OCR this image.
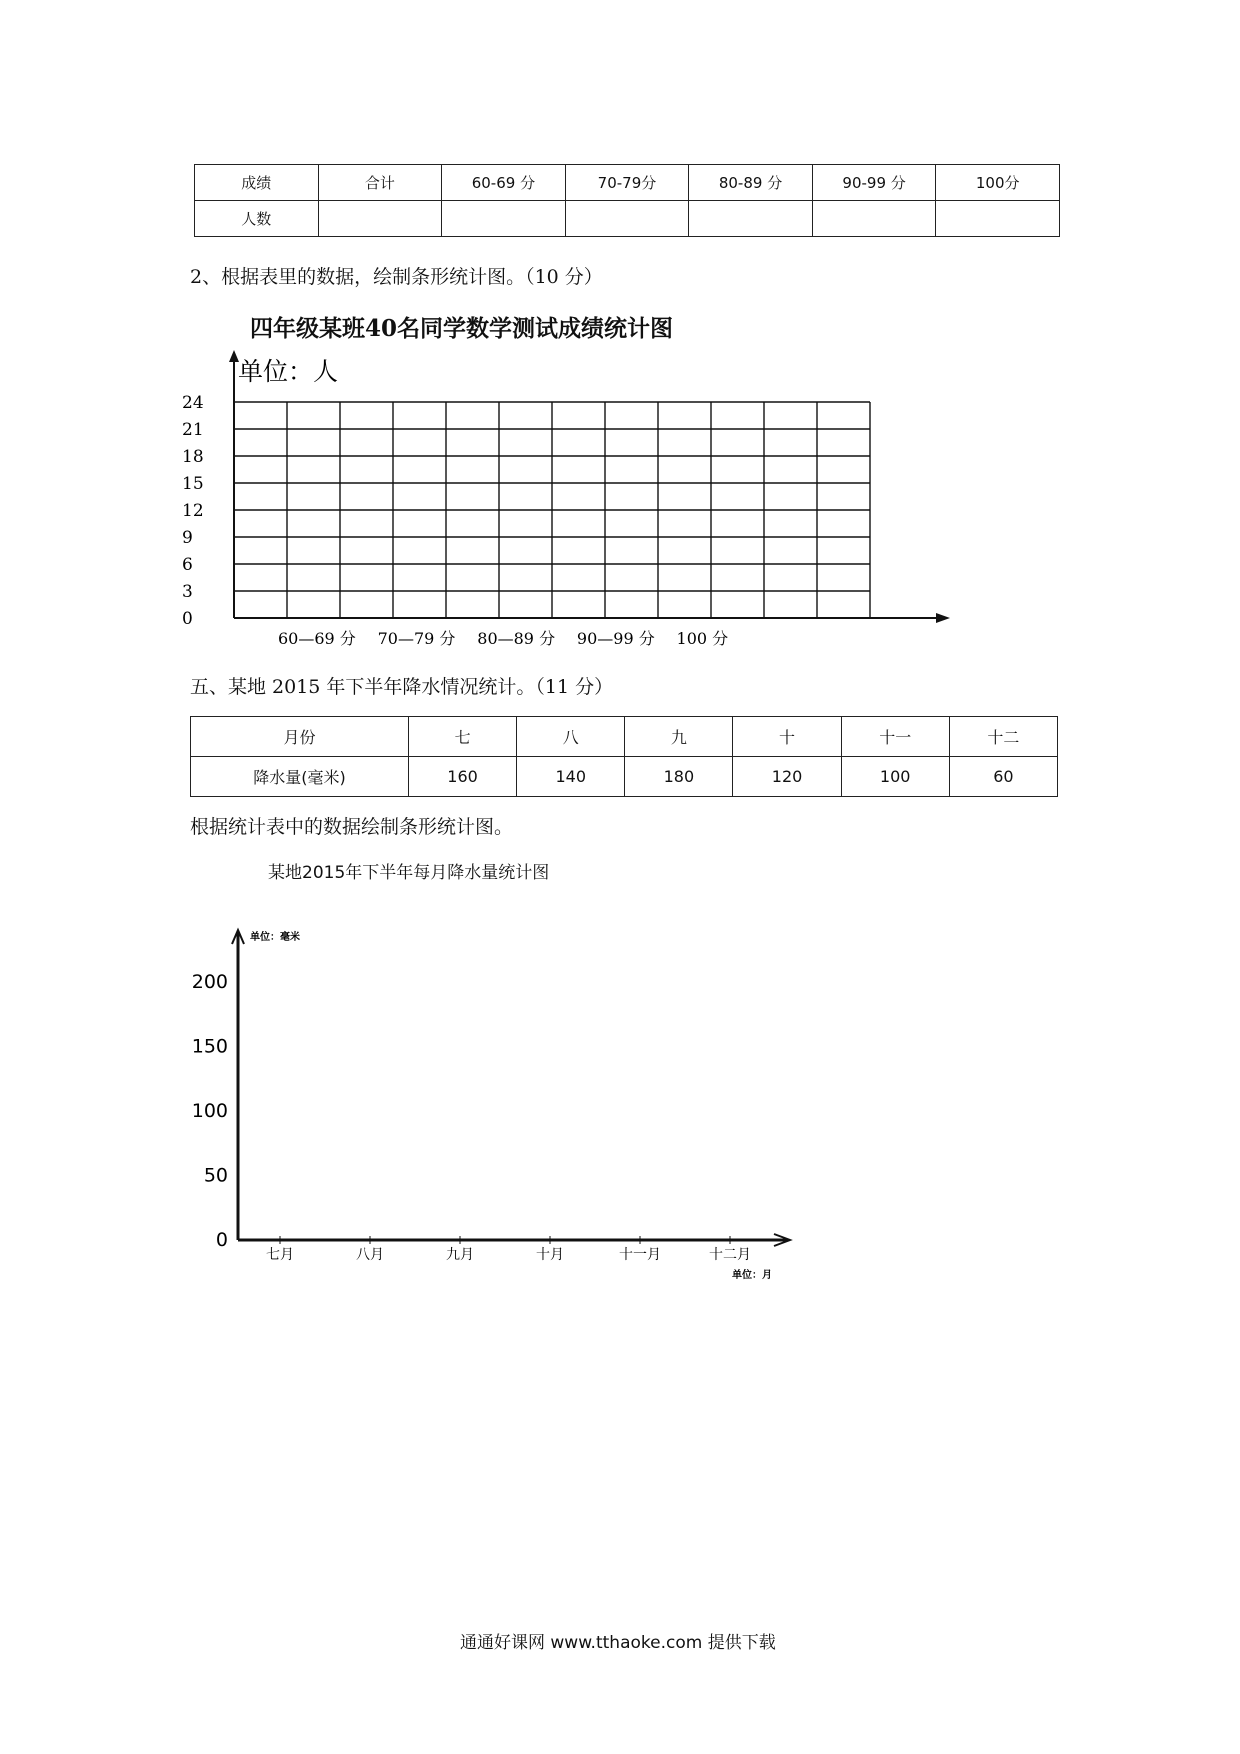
成绩	合计	60-69 分	70-79分	80-89 分	90-99 分	100分
人数						
2、根据表里的数据，绘制条形统计图。（10 分）
四年级某班40名同学数学测试成绩统计图
单位：人
0
3
6
9
12
15
18
21
24
60—69 分 70—79 分 80—89 分 90—99 分 100 分
五、某地 2015 年下半年降水情况统计。（11 分）
月份	七	八	九	十	十一	十二
降水量(毫米)	160	140	180	120	100	60
根据统计表中的数据绘制条形统计图。
某地2015年下半年每月降水量统计图
单位：毫米
单位：月
0
50
100
150
200
七月	八月	九月	十月	十一月	十二月
通通好课网 www.tthaoke.com 提供下载
